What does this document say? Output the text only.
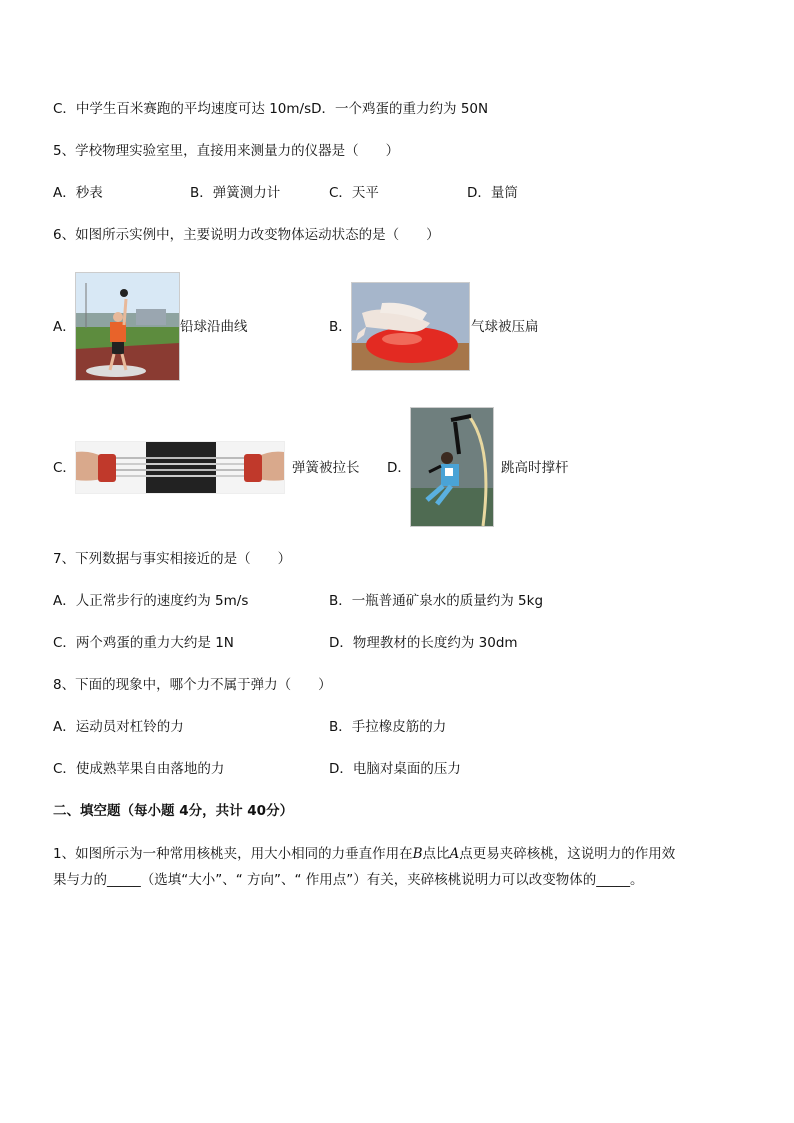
C．中学生百米赛跑的平均速度可达 10m/sD．一个鸡蛋的重力约为 50N
5、学校物理实验室里，直接用来测量力的仪器是（　　）
A．秒表	B．弹簧测力计	C．天平	D．量筒
6、如图所示实例中，主要说明力改变物体运动状态的是（　　）
A．	铅球沿曲线	B．	气球被压扁
C．	弹簧被拉长 D．	跳高时撑杆
7、下列数据与事实相接近的是（　　）
A．人正常步行的速度约为 5m/s	B．一瓶普通矿泉水的质量约为 5kg
C．两个鸡蛋的重力大约是 1N	D．物理教材的长度约为 30dm
8、下面的现象中，哪个力不属于弹力（　　）
A．运动员对杠铃的力	B．手拉橡皮筋的力
C．使成熟苹果自由落地的力	D．电脑对桌面的压力
二、填空题（每小题 4分，共计 40分）
1、如图所示为一种常用核桃夹，用大小相同的力垂直作用在B点比A点更易夹碎核桃，这说明力的作用效
果与力的_____（选填“大小”、“ 方向”、“ 作用点”）有关，夹碎核桃说明力可以改变物体的_____。
